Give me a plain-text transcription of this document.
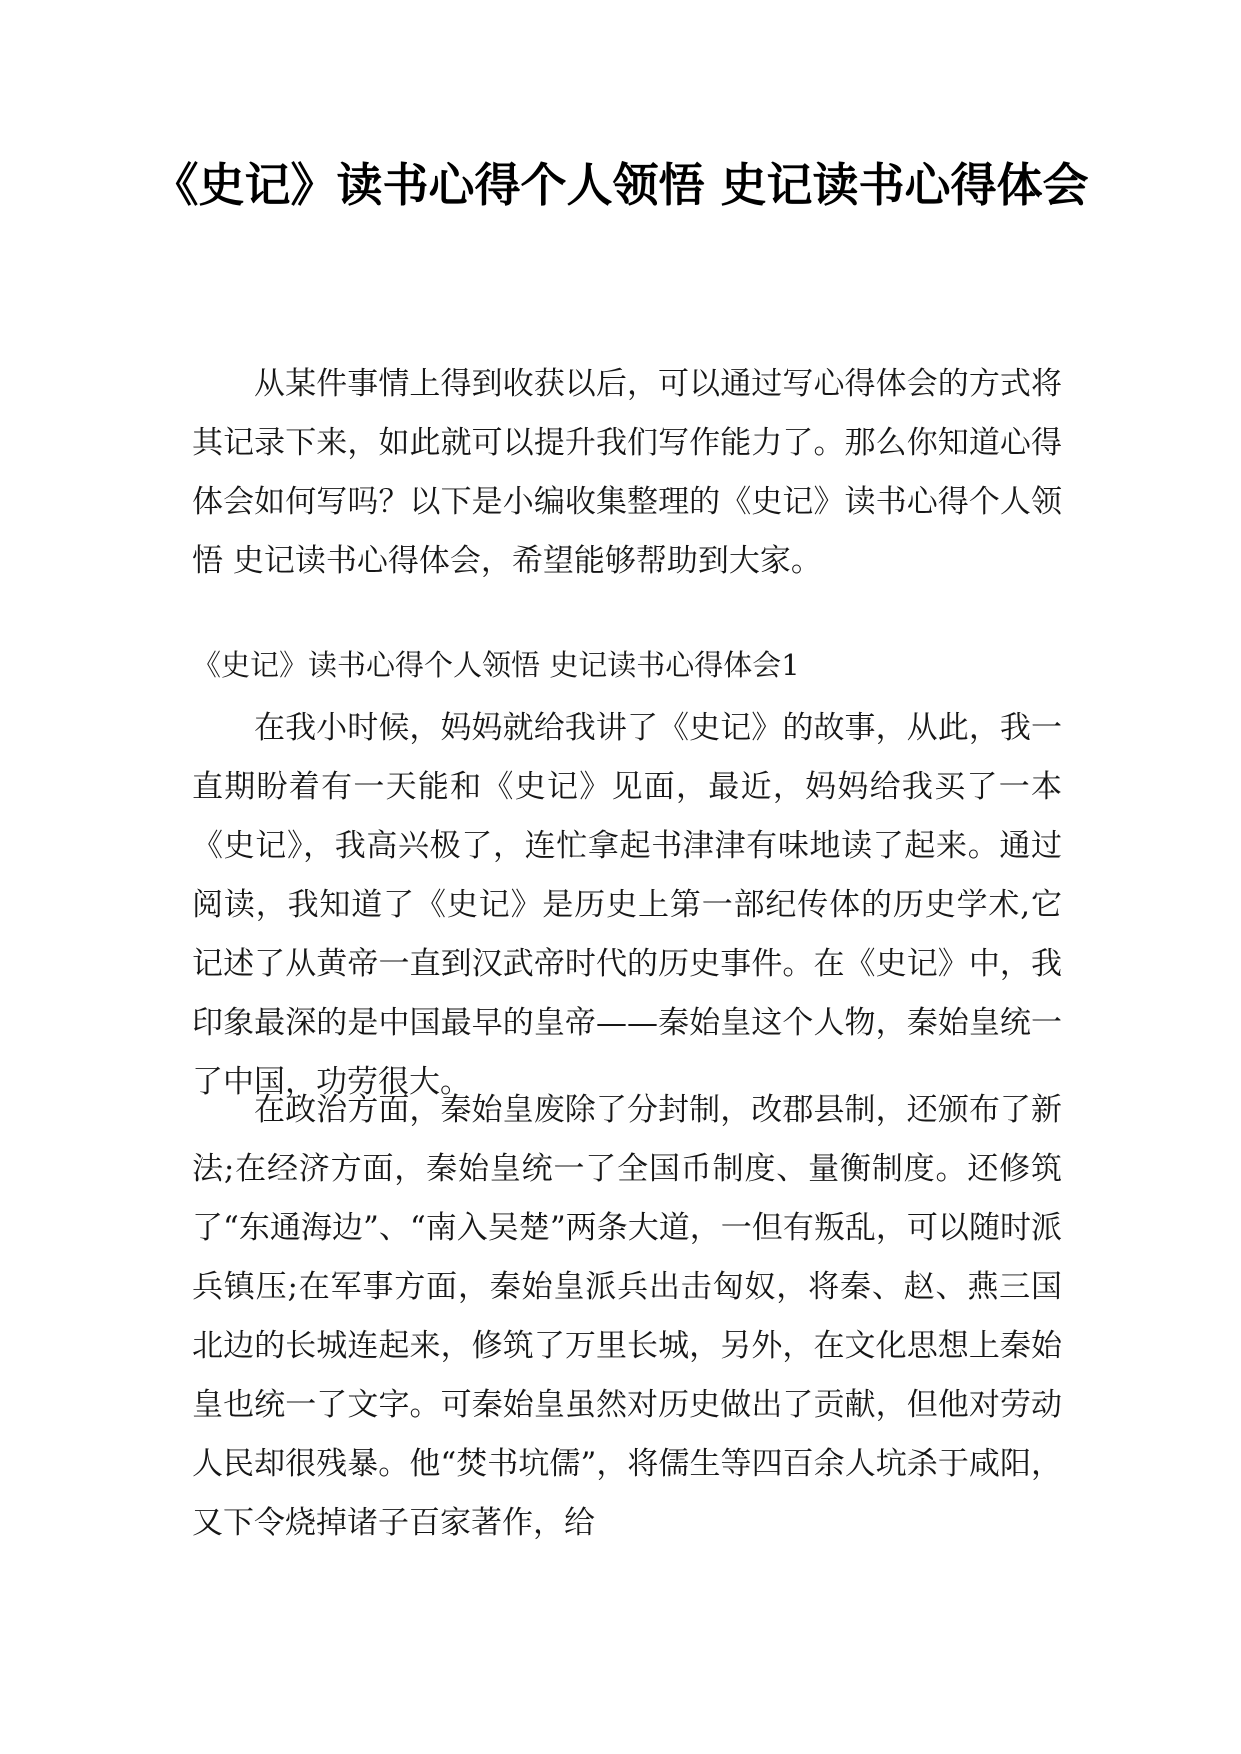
《史记》读书心得个人领悟 史记读书心得体会

从某件事情上得到收获以后，可以通过写心得体会的方式将其记录下来，如此就可以提升我们写作能力了。那么你知道心得体会如何写吗？以下是小编收集整理的《史记》读书心得个人领悟 史记读书心得体会，希望能够帮助到大家。

《史记》读书心得个人领悟 史记读书心得体会1

在我小时候，妈妈就给我讲了《史记》的故事，从此，我一直期盼着有一天能和《史记》见面，最近，妈妈给我买了一本《史记》，我高兴极了，连忙拿起书津津有味地读了起来。通过阅读，我知道了《史记》是历史上第一部纪传体的历史学术,它记述了从黄帝一直到汉武帝时代的历史事件。在《史记》中，我印象最深的是中国最早的皇帝——秦始皇这个人物，秦始皇统一了中国，功劳很大。

在政治方面，秦始皇废除了分封制，改郡县制，还颁布了新法;在经济方面，秦始皇统一了全国币制度、量衡制度。还修筑了“东通海边”、“南入吴楚”两条大道，一但有叛乱，可以随时派兵镇压;在军事方面，秦始皇派兵出击匈奴，将秦、赵、燕三国北边的长城连起来，修筑了万里长城，另外，在文化思想上秦始皇也统一了文字。可秦始皇虽然对历史做出了贡献，但他对劳动人民却很残暴。他“焚书坑儒”，将儒生等四百余人坑杀于咸阳，又下令烧掉诸子百家著作，给
